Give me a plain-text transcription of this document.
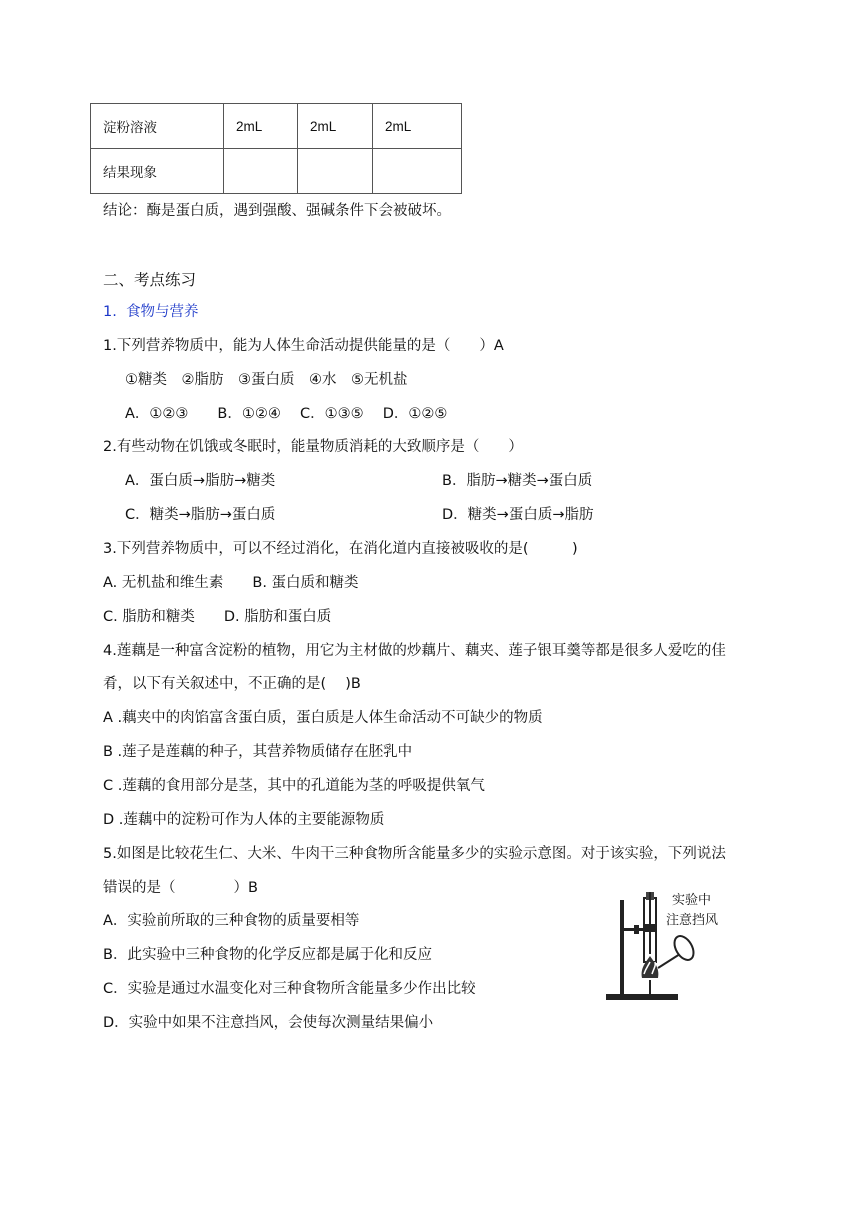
淀粉溶液	2mL	2mL	2mL
结果现象			
结论：酶是蛋白质，遇到强酸、强碱条件下会被破坏。
二、考点练习
1. 食物与营养
1.下列营养物质中，能为人体生命活动提供能量的是（　　）A
①糖类　②脂肪　③蛋白质　④水　⑤无机盐
A．①②③　　B．①②④　 C．①③⑤　 D．①②⑤
2.有些动物在饥饿或冬眠时，能量物质消耗的大致顺序是（　　）
A．蛋白质→脂肪→糖类	B．脂肪→糖类→蛋白质
C．糖类→脂肪→蛋白质	D．糖类→蛋白质→脂肪
3.下列营养物质中，可以不经过消化，在消化道内直接被吸收的是(　　　)
A. 无机盐和维生素　　B. 蛋白质和糖类
C. 脂肪和糖类　　D. 脂肪和蛋白质
4.莲藕是一种富含淀粉的植物，用它为主材做的炒藕片、藕夹、莲子银耳羹等都是很多人爱吃的佳
肴，以下有关叙述中，不正确的是(　 )B
A .藕夹中的肉馅富含蛋白质，蛋白质是人体生命活动不可缺少的物质
B .莲子是莲藕的种子，其营养物质储存在胚乳中
C .莲藕的食用部分是茎，其中的孔道能为茎的呼吸提供氧气
D .莲藕中的淀粉可作为人体的主要能源物质
5.如图是比较花生仁、大米、牛肉干三种食物所含能量多少的实验示意图。对于该实验，下列说法
错误的是（　　　　）B
A．实验前所取的三种食物的质量要相等
B．此实验中三种食物的化学反应都是属于化和反应
C．实验是通过水温变化对三种食物所含能量多少作出比较
D．实验中如果不注意挡风，会使每次测量结果偏小
实验中
注意挡风
